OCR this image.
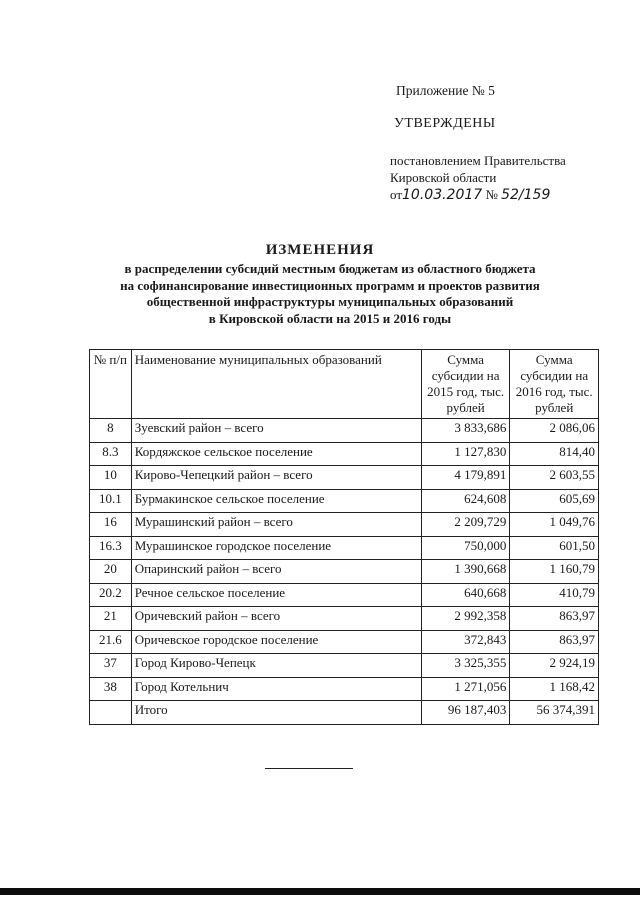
Приложение № 5
УТВЕРЖДЕНЫ
постановлением Правительства
Кировской области
от10.03.2017 № 52/159
ИЗМЕНЕНИЯ
в распределении субсидий местным бюджетам из областного бюджета
на софинансирование инвестиционных программ и проектов развития
общественной инфраструктуры муниципальных образований
в Кировской области на 2015 и 2016 годы
№ п/п	Наименование муниципальных образований	Сумма субсидии на 2015 год, тыс. рублей	Сумма субсидии на 2016 год, тыс. рублей
8	Зуевский район – всего	3 833,686	2 086,06
8.3	Кордяжское сельское поселение	1 127,830	814,40
10	Кирово-Чепецкий район – всего	4 179,891	2 603,55
10.1	Бурмакинское сельское поселение	624,608	605,69
16	Мурашинский район – всего	2 209,729	1 049,76
16.3	Мурашинское городское поселение	750,000	601,50
20	Опаринский район – всего	1 390,668	1 160,79
20.2	Речное сельское поселение	640,668	410,79
21	Оричевский район – всего	2 992,358	863,97
21.6	Оричевское городское поселение	372,843	863,97
37	Город Кирово-Чепецк	3 325,355	2 924,19
38	Город Котельнич	1 271,056	1 168,42
	Итого	96 187,403	56 374,391
